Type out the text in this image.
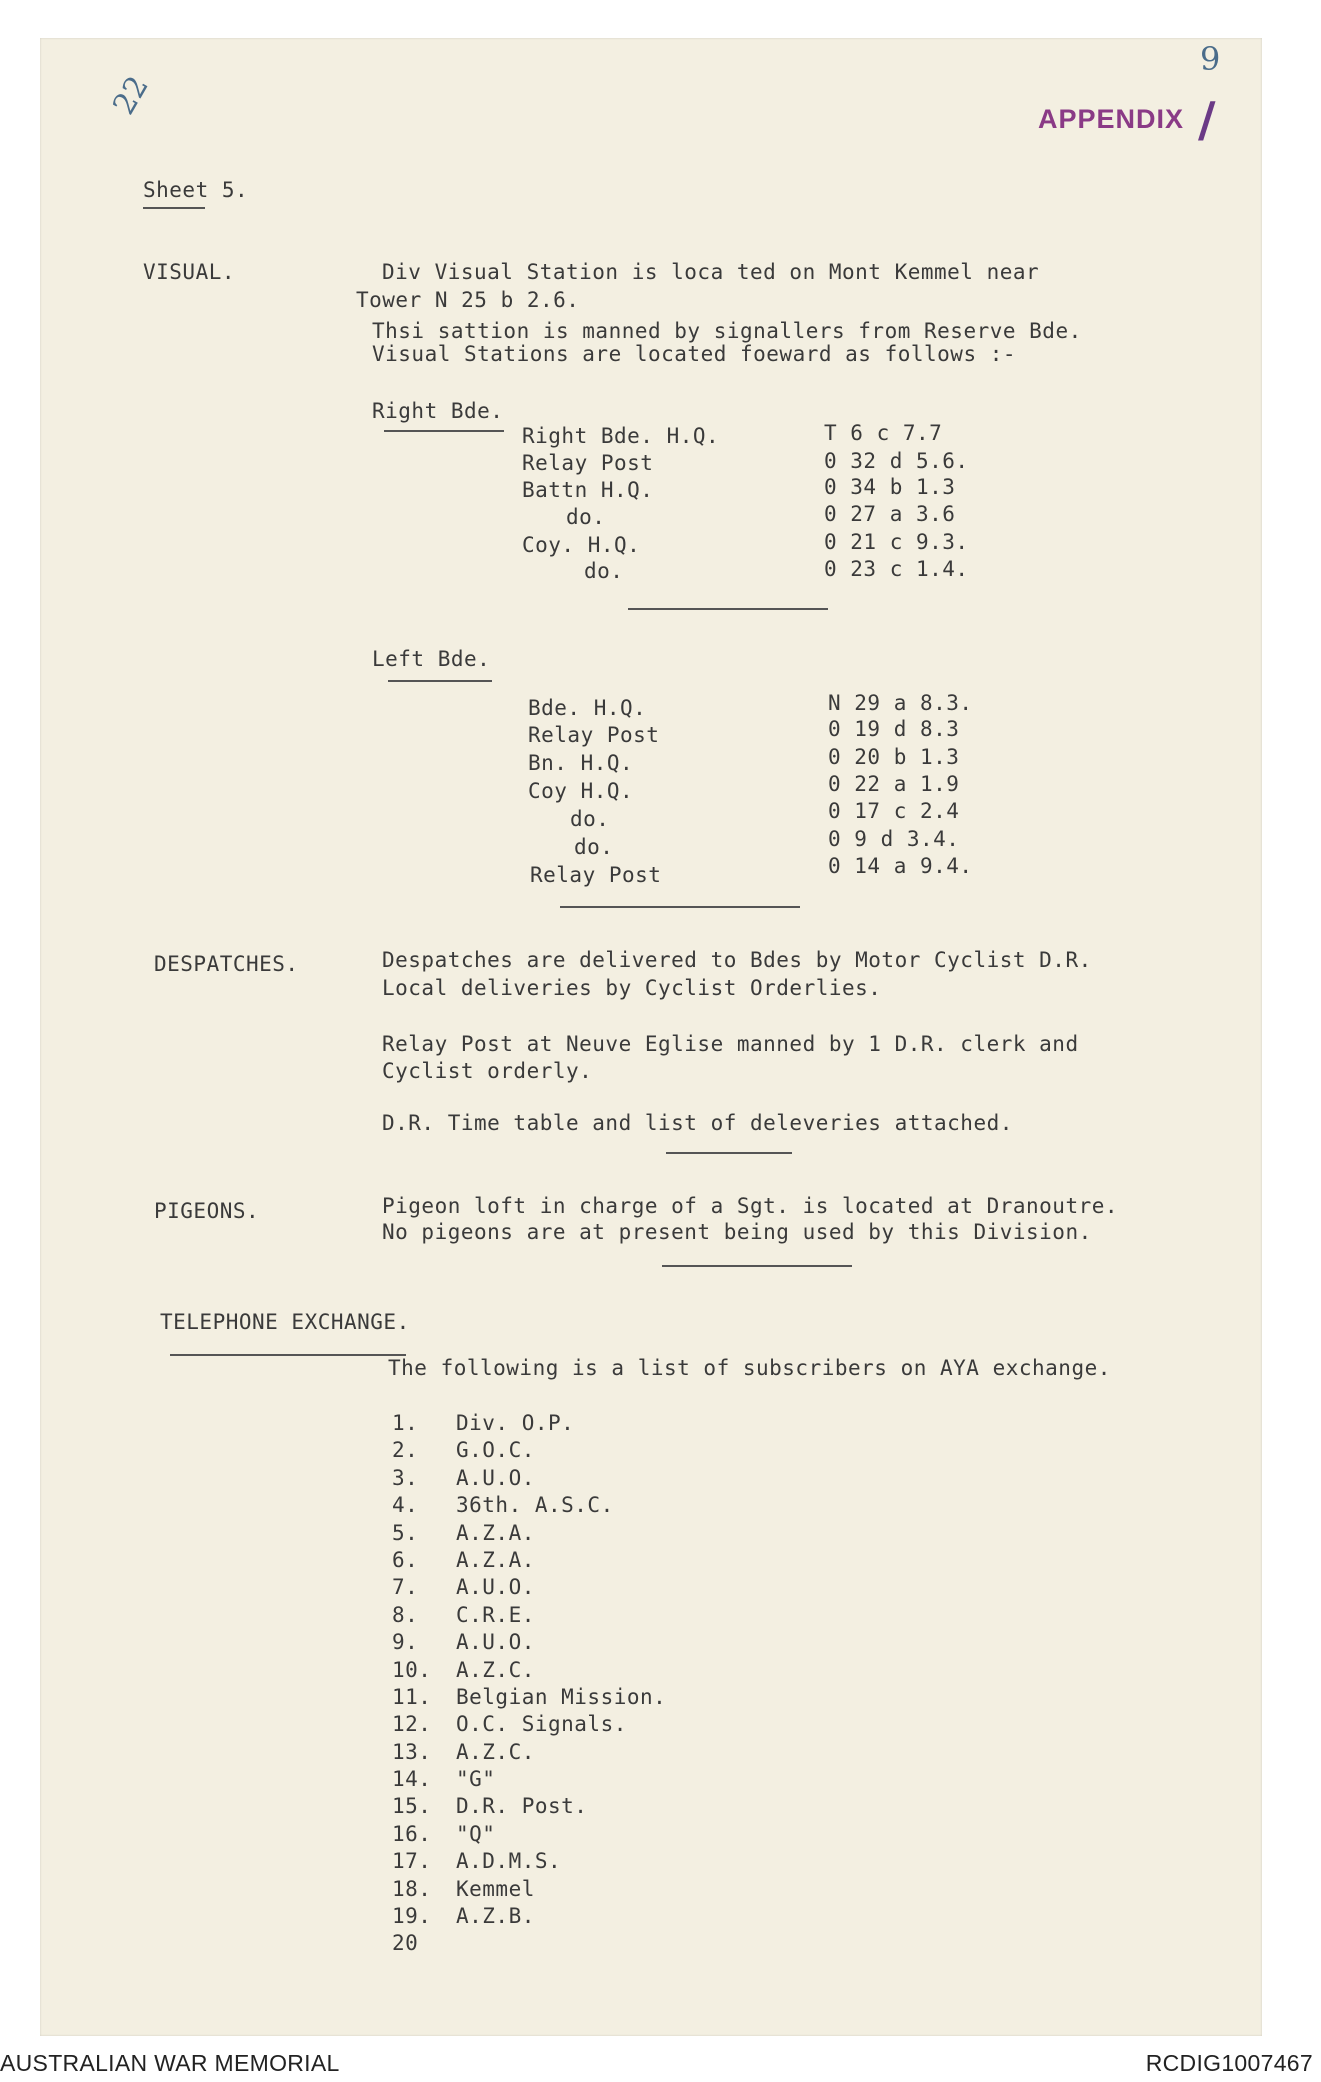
9
22	APPENDIX /
Sheet 5.
VISUAL.	Div Visual Station is loca ted on Mont Kemmel near
Tower N 25 b 2.6.
Thsi sattion is manned by signallers from Reserve Bde.
Visual Stations are located foeward as follows :-
Right Bde.
Right Bde. H.Q.	T 6 c 7.7
Relay Post	0 32 d 5.6.
Battn H.Q.	0 34 b 1.3
do.	0 27 a 3.6
Coy. H.Q.	0 21 c 9.3.
do.	0 23 c 1.4.
Left Bde.
Bde. H.Q.	N 29 a 8.3.
Relay Post	0 19 d 8.3
Bn. H.Q.	0 20 b 1.3
Coy H.Q.	0 22 a 1.9
do.	0 17 c 2.4
do.	0 9 d 3.4.
Relay Post	0 14 a 9.4.
DESPATCHES.	Despatches are delivered to Bdes by Motor Cyclist D.R.
Local deliveries by Cyclist Orderlies.
Relay Post at Neuve Eglise manned by 1 D.R. clerk and
Cyclist orderly.
D.R. Time table and list of deleveries attached.
PIGEONS.	Pigeon loft in charge of a Sgt. is located at Dranoutre.
No pigeons are at present being used by this Division.
TELEPHONE EXCHANGE.
The following is a list of subscribers on AYA exchange.
1. Div. O.P.
2. G.O.C.
3. A.U.O.
4. 36th. A.S.C.
5. A.Z.A.
6. A.Z.A.
7. A.U.O.
8. C.R.E.
9. A.U.O.
10. A.Z.C.
11. Belgian Mission.
12. O.C. Signals.
13. A.Z.C.
14. "G"
15. D.R. Post.
16. "Q"
17. A.D.M.S.
18. Kemmel
19. A.Z.B.
20
AUSTRALIAN WAR MEMORIAL	RCDIG1007467
